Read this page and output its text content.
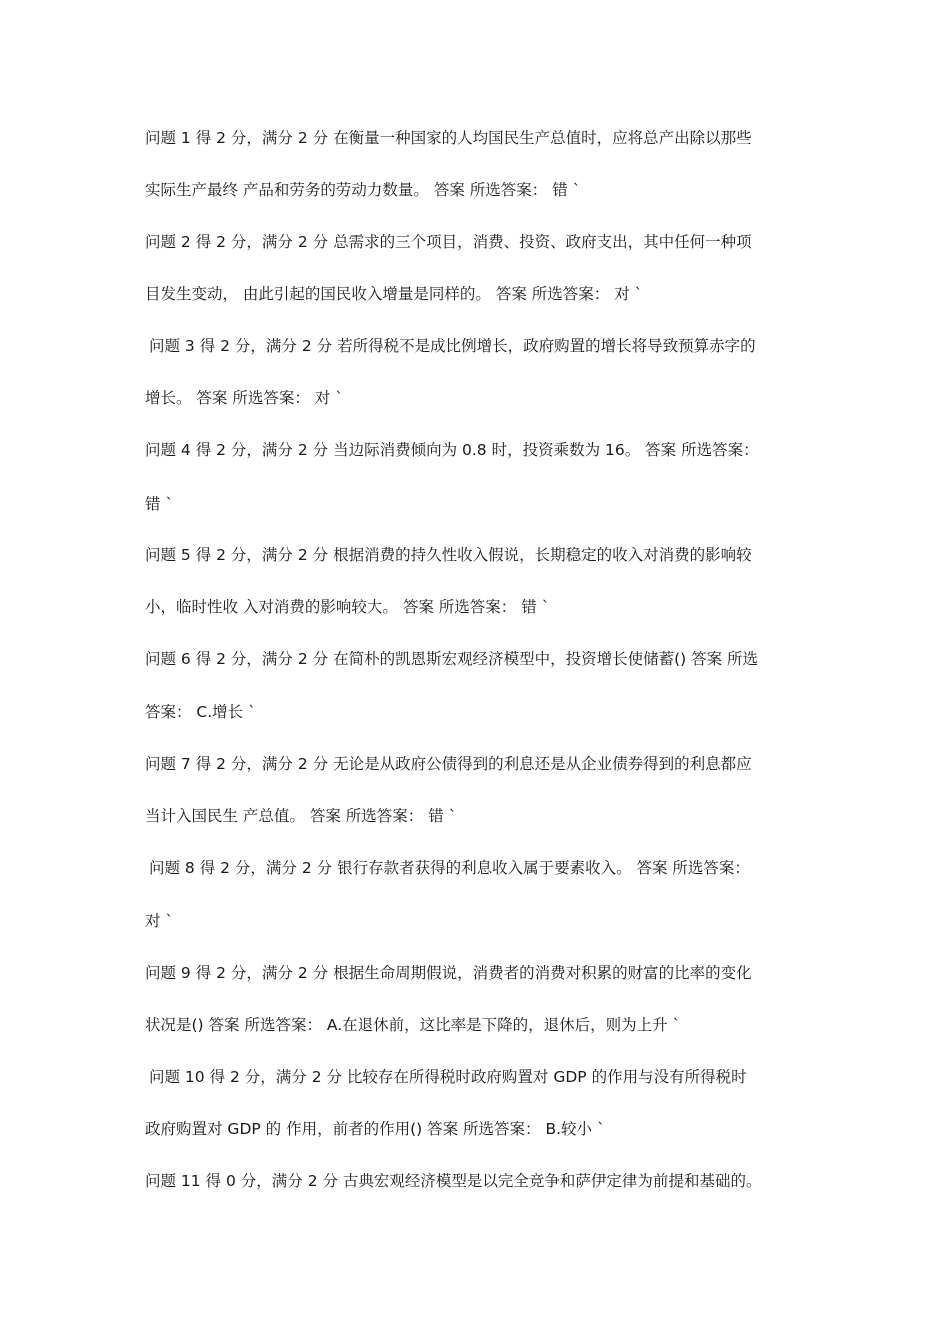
问题 1 得 2 分，满分 2 分 在衡量一种国家的人均国民生产总值时，应将总产出除以那些
实际生产最终 产品和劳务的劳动力数量。 答案 所选答案： 错 `
问题 2 得 2 分，满分 2 分 总需求的三个项目，消费、投资、政府支出，其中任何一种项
目发生变动， 由此引起的国民收入增量是同样的。 答案 所选答案： 对 `
问题 3 得 2 分，满分 2 分 若所得税不是成比例增长，政府购置的增长将导致预算赤字的
增长。 答案 所选答案： 对 `
问题 4 得 2 分，满分 2 分 当边际消费倾向为 0.8 时，投资乘数为 16。 答案 所选答案：
错 `
问题 5 得 2 分，满分 2 分 根据消费的持久性收入假说，长期稳定的收入对消费的影响较
小，临时性收 入对消费的影响较大。 答案 所选答案： 错 `
问题 6 得 2 分，满分 2 分 在简朴的凯恩斯宏观经济模型中，投资增长使储蓄() 答案 所选
答案： C.增长 `
问题 7 得 2 分，满分 2 分 无论是从政府公债得到的利息还是从企业债券得到的利息都应
当计入国民生 产总值。 答案 所选答案： 错 `
问题 8 得 2 分，满分 2 分 银行存款者获得的利息收入属于要素收入。 答案 所选答案：
对 `
问题 9 得 2 分，满分 2 分 根据生命周期假说，消费者的消费对积累的财富的比率的变化
状况是() 答案 所选答案： A.在退休前，这比率是下降的，退休后，则为上升 `
问题 10 得 2 分，满分 2 分 比较存在所得税时政府购置对 GDP 的作用与没有所得税时
政府购置对 GDP 的 作用，前者的作用() 答案 所选答案： B.较小 `
问题 11 得 0 分，满分 2 分 古典宏观经济模型是以完全竞争和萨伊定律为前提和基础的。
